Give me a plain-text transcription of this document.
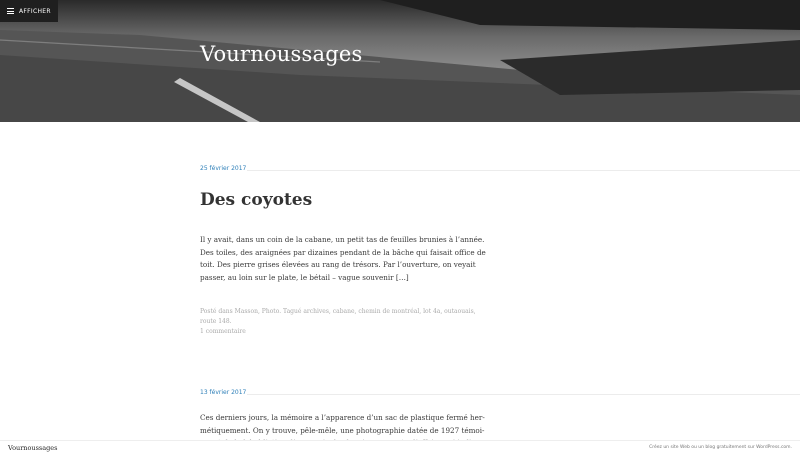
AFFICHER
Vournoussages
25 février 2017
Des coyotes
Il y avait, dans un coin de la cabane, un petit tas de feuilles brunies à l’année.
Des toiles, des araignées par dizaines pendant de la bâche qui faisait office de
toit. Des pierre grises élevées au rang de trésors. Par l’ouverture, on veyait
passer, au loin sur le plate, le bétail – vague souvenir […]
Posté dans Masson, Photo. Tagué archives, cabane, chemin de montréal, lot 4a, outaouais,
route 148.
1 commentaire
13 février 2017
Ces derniers jours, la mémoire a l’apparence d’un sac de plastique fermé her-
métiquement. On y trouve, pêle-mêle, une photographie datée de 1927 témoi-
Vournoussages	Créez un site Web ou un blog gratuitement sur WordPress.com.
